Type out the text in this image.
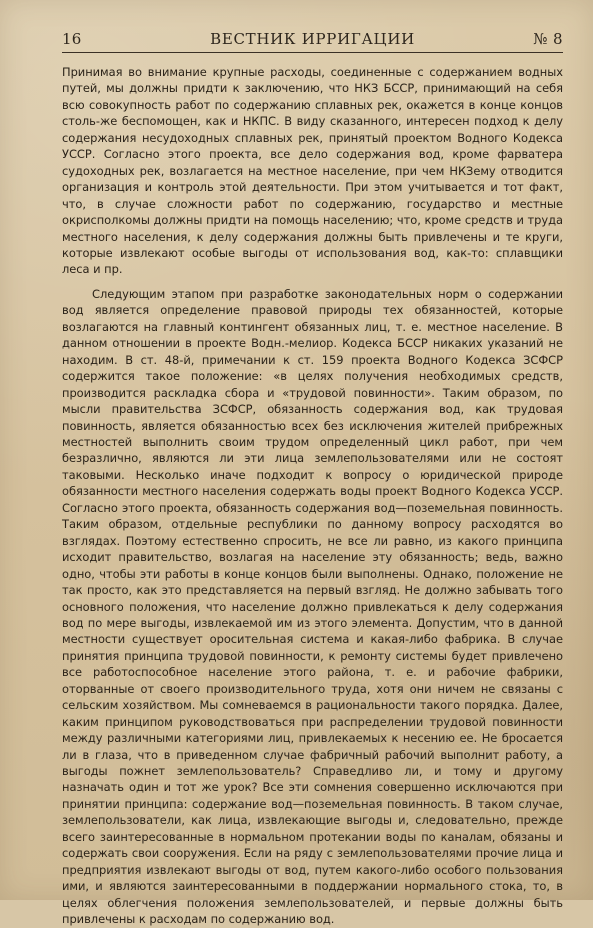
16	ВЕСТНИК ИРРИГАЦИИ	№ 8

Принимая во внимание крупные расходы, соединенные с содержанием водных путей, мы должны придти к заключению, что НКЗ БССР, принимающий на себя всю совокупность работ по содержанию сплавных рек, окажется в конце концов столь-же беспомощен, как и НКПС. В виду сказанного, интересен подход к делу содержания несудоходных сплавных рек, принятый проектом Водного Кодекса УССР. Согласно этого проекта, все дело содержания вод, кроме фарватера судоходных рек, возлагается на местное население, при чем НКЗему отводится организация и контроль этой деятельности. При этом учитывается и тот факт, что, в случае сложности работ по содержанию, государство и местные окрисполкомы должны придти на помощь населению; что, кроме средств и труда местного населения, к делу содержания должны быть привлечены и те круги, которые извлекают особые выгоды от использования вод, как-то: сплавщики леса и пр.

Следующим этапом при разработке законодательных норм о содержании вод является определение правовой природы тех обязанностей, которые возлагаются на главный контингент обязанных лиц, т. е. местное население. В данном отношении в проекте Водн.-мелиор. Кодекса БССР никаких указаний не находим. В ст. 48-й, примечании к ст. 159 проекта Водного Кодекса ЗСФСР содержится такое положение: «в целях получения необходимых средств, производится раскладка сбора и «трудовой повинности». Таким образом, по мысли правительства ЗСФСР, обязанность содержания вод, как трудовая повинность, является обязанностью всех без исключения жителей прибрежных местностей выполнить своим трудом определенный цикл работ, при чем безразлично, являются ли эти лица землепользователями или не состоят таковыми. Несколько иначе подходит к вопросу о юридической природе обязанности местного населения содержать воды проект Водного Кодекса УССР. Согласно этого проекта, обязанность содержания вод—поземельная повинность. Таким образом, отдельные республики по данному вопросу расходятся во взглядах. Поэтому естественно спросить, не все ли равно, из какого принципа исходит правительство, возлагая на население эту обязанность; ведь, важно одно, чтобы эти работы в конце концов были выполнены. Однако, положение не так просто, как это представляется на первый взгляд. Не должно забывать того основного положения, что население должно привлекаться к делу содержания вод по мере выгоды, извлекаемой им из этого элемента. Допустим, что в данной местности существует оросительная система и какая-либо фабрика. В случае принятия принципа трудовой повинности, к ремонту системы будет привлечено все работоспособное население этого района, т. е. и рабочие фабрики, оторванные от своего производительного труда, хотя они ничем не связаны с сельским хозяйством. Мы сомневаемся в рациональности такого порядка. Далее, каким принципом руководствоваться при распределении трудовой повинности между различными категориями лиц, привлекаемых к несению ее. Не бросается ли в глаза, что в приведенном случае фабричный рабочий выполнит работу, а выгоды пожнет землепользователь? Справедливо ли, и тому и другому назначать один и тот же урок? Все эти сомнения совершенно исключаются при принятии принципа: содержание вод—поземельная повинность. В таком случае, землепользователи, как лица, извлекающие выгоды и, следовательно, прежде всего заинтересованные в нормальном протекании воды по каналам, обязаны и содержать свои сооружения. Если на ряду с землепользователями прочие лица и предприятия извлекают выгоды от вод, путем какого-либо особого пользования ими, и являются заинтересованными в поддержании нормального стока, то, в целях облегчения положения землепользователей, и первые должны быть привлечены к расходам по содержанию вод.
